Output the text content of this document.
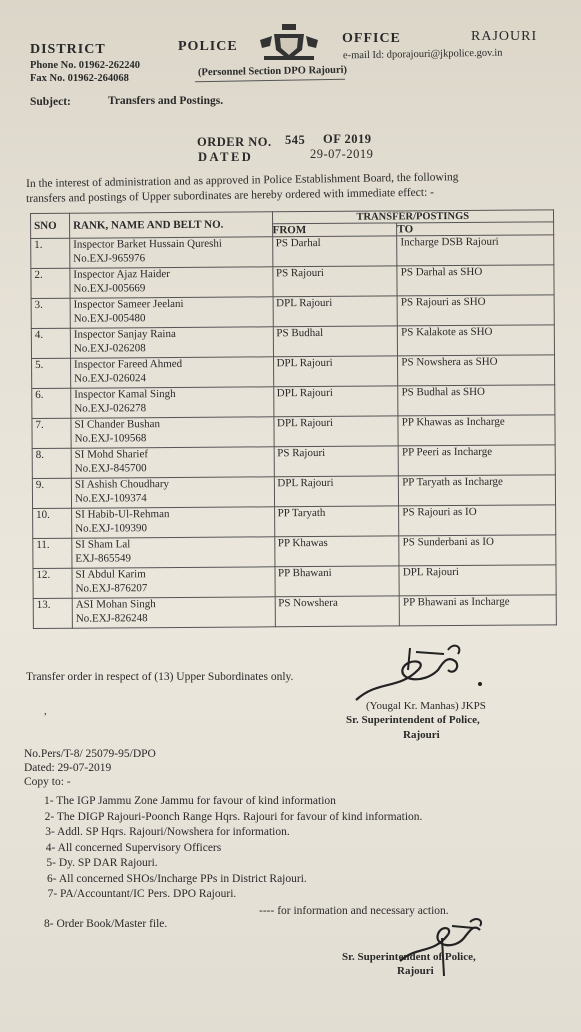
DISTRICT	POLICE
OFFICE	RAJOURI
Phone No. 01962-262240
Fax No. 01962-264068
e-mail Id: dporajouri@jkpolice.gov.in
(Personnel Section DPO Rajouri)
Subject:	Transfers and Postings.
ORDER NO. 545 OF 2019
DATED	29-07-2019
In the interest of administration and as approved in Police Establishment Board, the following
transfers and postings of Upper subordinates are hereby ordered with immediate effect: -
SNO	RANK, NAME AND BELT NO.	TRANSFER/POSTINGS	
		FROM	TO
1.	Inspector Barket Hussain Qureshi
No.EXJ-965976	PS Darhal	Incharge DSB Rajouri
2.	Inspector Ajaz Haider
No.EXJ-005669	PS Rajouri	PS Darhal as SHO
3.	Inspector Sameer Jeelani
No.EXJ-005480	DPL Rajouri	PS Rajouri as SHO
4.	Inspector Sanjay Raina
No.EXJ-026208	PS Budhal	PS Kalakote as SHO
5.	Inspector Fareed Ahmed
No.EXJ-026024	DPL Rajouri	PS Nowshera as SHO
6.	Inspector Kamal Singh
No.EXJ-026278	DPL Rajouri	PS Budhal as SHO
7.	SI Chander Bushan
No.EXJ-109568	DPL Rajouri	PP Khawas as Incharge
8.	SI Mohd Sharief
No.EXJ-845700	PS Rajouri	PP Peeri as Incharge
9.	SI Ashish Choudhary
No.EXJ-109374	DPL Rajouri	PP Taryath as Incharge
10.	SI Habib-Ul-Rehman
No.EXJ-109390	PP Taryath	PS Rajouri as IO
11.	SI Sham Lal
EXJ-865549	PP Khawas	PS Sunderbani as IO
12.	SI Abdul Karim
No.EXJ-876207	PP Bhawani	DPL Rajouri
13.	ASI Mohan Singh
No.EXJ-826248	PS Nowshera	PP Bhawani as Incharge
Transfer order in respect of (13) Upper Subordinates only.
(Yougal Kr. Manhas) JKPS
Sr. Superintendent of Police,
Rajouri
No.Pers/T-8/ 25079-95/DPO
Dated: 29-07-2019
Copy to: -
1- The IGP Jammu Zone Jammu for favour of kind information
2- The DIGP Rajouri-Poonch Range Hqrs. Rajouri for favour of kind information.
3- Addl. SP Hqrs. Rajouri/Nowshera for information.
4- All concerned Supervisory Officers
5- Dy. SP DAR Rajouri.
6- All concerned SHOs/Incharge PPs in District Rajouri.
7- PA/Accountant/IC Pers. DPO Rajouri.
---- for information and necessary action.
8- Order Book/Master file.
Sr. Superintendent of Police,
Rajouri
,
